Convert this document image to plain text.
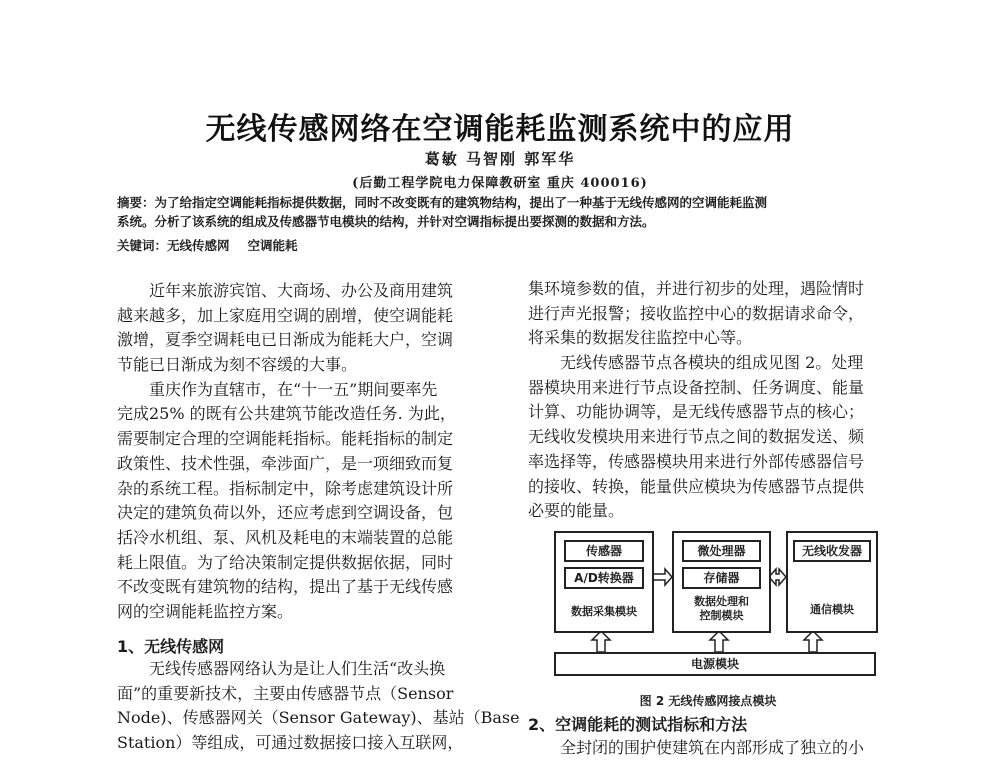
无线传感网络在空调能耗监测系统中的应用
葛敏 马智刚 郭军华
(后勤工程学院电力保障教研室 重庆 400016)
摘要：为了给指定空调能耗指标提供数据，同时不改变既有的建筑物结构，提出了一种基于无线传感网的空调能耗监测
系统。分析了该系统的组成及传感器节电模块的结构，并针对空调指标提出要探测的数据和方法。
关键词：无线传感网 空调能耗
近年来旅游宾馆、大商场、办公及商用建筑
越来越多，加上家庭用空调的剧增，使空调能耗
激增，夏季空调耗电已日渐成为能耗大户，空调
节能已日渐成为刻不容缓的大事。
重庆作为直辖市，在“十一五”期间要率先
完成25% 的既有公共建筑节能改造任务. 为此，
需要制定合理的空调能耗指标。能耗指标的制定
政策性、技术性强，牵涉面广，是一项细致而复
杂的系统工程。指标制定中，除考虑建筑设计所
决定的建筑负荷以外，还应考虑到空调设备，包
括冷水机组、泵、风机及耗电的末端装置的总能
耗上限值。为了给决策制定提供数据依据，同时
不改变既有建筑物的结构，提出了基于无线传感
网的空调能耗监控方案。
1、无线传感网
无线传感器网络认为是让人们生活“改头换
面”的重要新技术，主要由传感器节点（Sensor
Node)、传感器网关（Sensor Gateway)、基站（Base
Station）等组成，可通过数据接口接入互联网，
集环境参数的值，并进行初步的处理，遇险情时
进行声光报警；接收监控中心的数据请求命令，
将采集的数据发往监控中心等。
无线传感器节点各模块的组成见图 2。处理
器模块用来进行节点设备控制、任务调度、能量
计算、功能协调等，是无线传感器节点的核心；
无线收发模块用来进行节点之间的数据发送、频
率选择等，传感器模块用来进行外部传感器信号
的接收、转换，能量供应模块为传感器节点提供
必要的能量。
传感器
A/D转换器
数据采集模块
微处理器
存储器
数据处理和
控制模块
无线收发器
通信模块
电源模块
图 2 无线传感网接点模块
2、空调能耗的测试指标和方法
全封闭的围护使建筑在内部形成了独立的小
